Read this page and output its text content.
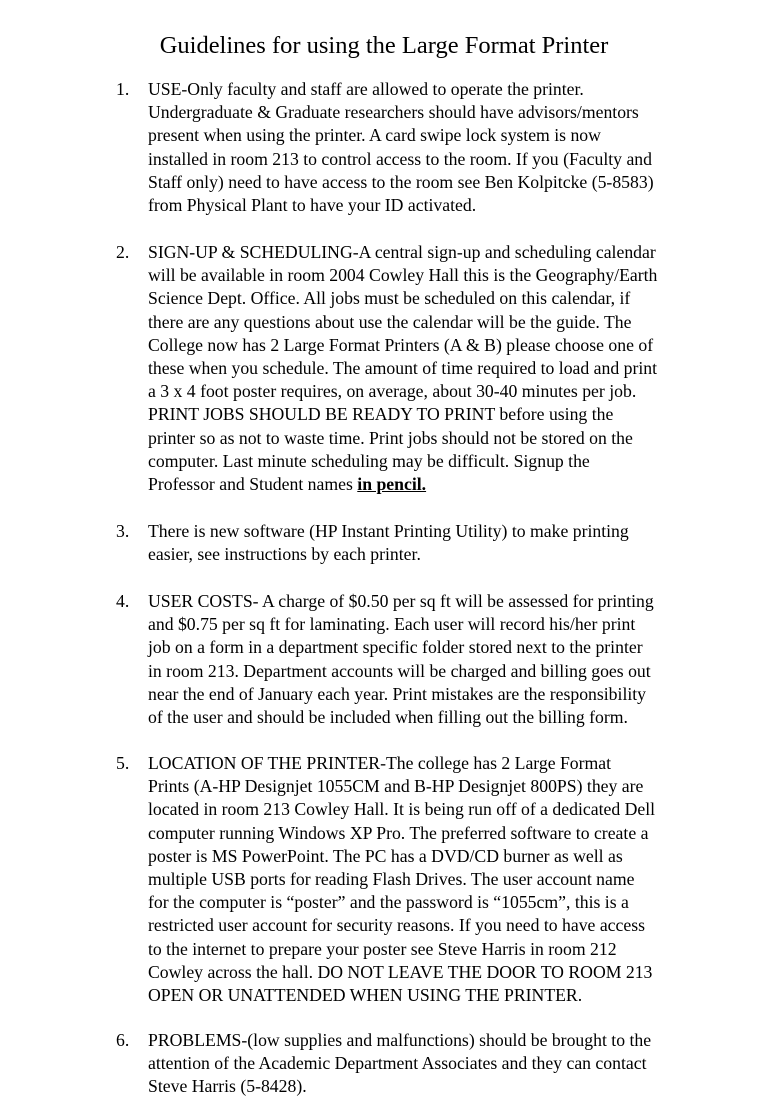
Guidelines for using the Large Format Printer
1.	USE-Only faculty and staff are allowed to operate the printer.
Undergraduate & Graduate researchers should have advisors/mentors
present when using the printer. A card swipe lock system is now
installed in room 213 to control access to the room. If you (Faculty and
Staff only) need to have access to the room see Ben Kolpitcke (5-8583)
from Physical Plant to have your ID activated.
2.	SIGN-UP & SCHEDULING-A central sign-up and scheduling calendar
will be available in room 2004 Cowley Hall this is the Geography/Earth
Science Dept. Office. All jobs must be scheduled on this calendar, if
there are any questions about use the calendar will be the guide. The
College now has 2 Large Format Printers (A & B) please choose one of
these when you schedule. The amount of time required to load and print
a 3 x 4 foot poster requires, on average, about 30-40 minutes per job.
PRINT JOBS SHOULD BE READY TO PRINT before using the
printer so as not to waste time. Print jobs should not be stored on the
computer. Last minute scheduling may be difficult. Signup the
Professor and Student names in pencil.
3.	There is new software (HP Instant Printing Utility) to make printing
easier, see instructions by each printer.
4.	USER COSTS- A charge of $0.50 per sq ft will be assessed for printing
and $0.75 per sq ft for laminating. Each user will record his/her print
job on a form in a department specific folder stored next to the printer
in room 213. Department accounts will be charged and billing goes out
near the end of January each year. Print mistakes are the responsibility
of the user and should be included when filling out the billing form.
5.	LOCATION OF THE PRINTER-The college has 2 Large Format
Prints (A-HP Designjet 1055CM and B-HP Designjet 800PS) they are
located in room 213 Cowley Hall. It is being run off of a dedicated Dell
computer running Windows XP Pro. The preferred software to create a
poster is MS PowerPoint. The PC has a DVD/CD burner as well as
multiple USB ports for reading Flash Drives. The user account name
for the computer is “poster” and the password is “1055cm”, this is a
restricted user account for security reasons. If you need to have access
to the internet to prepare your poster see Steve Harris in room 212
Cowley across the hall. DO NOT LEAVE THE DOOR TO ROOM 213
OPEN OR UNATTENDED WHEN USING THE PRINTER.
6.	PROBLEMS-(low supplies and malfunctions) should be brought to the
attention of the Academic Department Associates and they can contact
Steve Harris (5-8428).
